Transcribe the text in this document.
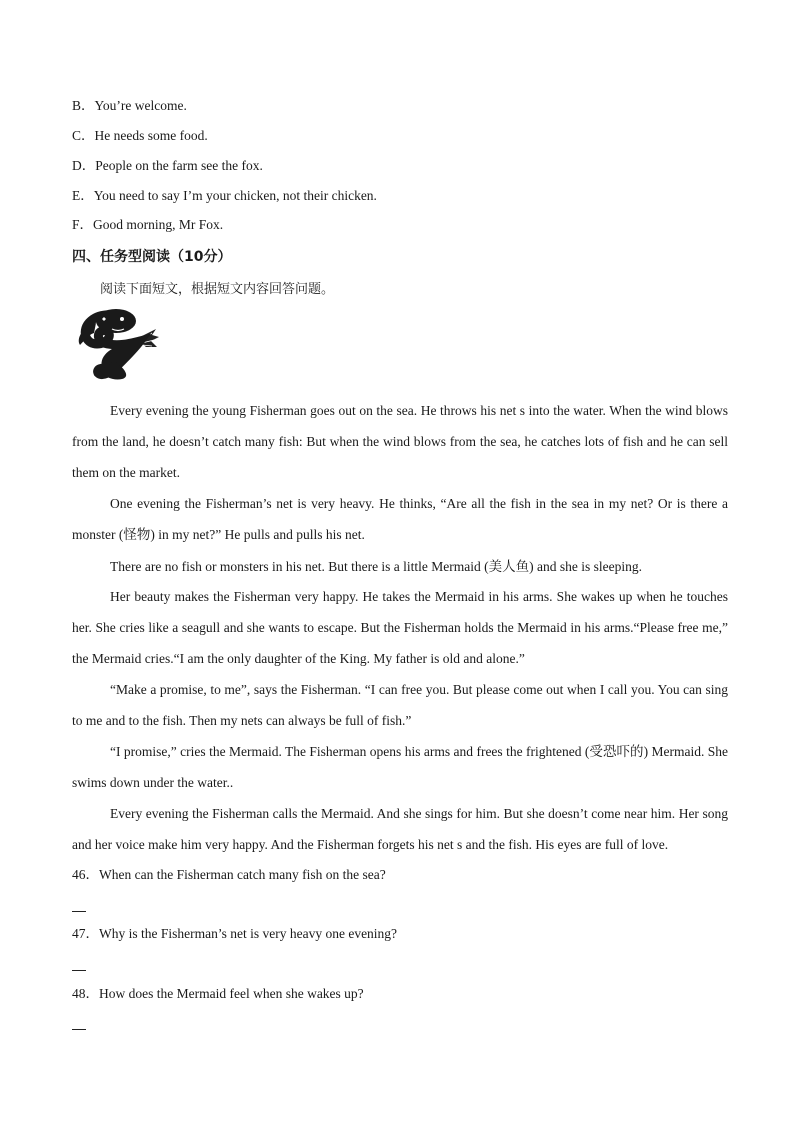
B．You’re welcome.
C．He needs some food.
D．People on the farm see the fox.
E．You need to say I’m your chicken, not their chicken.
F．Good morning, Mr Fox.
四、任务型阅读（10分）
阅读下面短文，根据短文内容回答问题。
Every evening the young Fisherman goes out on the sea. He throws his net s into the water. When the wind blows from the land, he doesn’t catch many fish: But when the wind blows from the sea, he catches lots of fish and he can sell them on the market.
One evening the Fisherman’s net is very heavy. He thinks, “Are all the fish in the sea in my net? Or is there a monster (怪物) in my net?” He pulls and pulls his net.
There are no fish or monsters in his net. But there is a little Mermaid (美人鱼) and she is sleeping.
Her beauty makes the Fisherman very happy. He takes the Mermaid in his arms. She wakes up when he touches her. She cries like a seagull and she wants to escape. But the Fisherman holds the Mermaid in his arms.“Please free me,” the Mermaid cries.“I am the only daughter of the King. My father is old and alone.”
“Make a promise, to me”, says the Fisherman. “I can free you. But please come out when I call you. You can sing to me and to the fish. Then my nets can always be full of fish.”
“I promise,” cries the Mermaid. The Fisherman opens his arms and frees the frightened (受恐吓的) Mermaid. She swims down under the water..
Every evening the Fisherman calls the Mermaid. And she sings for him. But she doesn’t come near him. Her song and her voice make him very happy. And the Fisherman forgets his net s and the fish. His eyes are full of love.
46．When can the Fisherman catch many fish on the sea?
47．Why is the Fisherman’s net is very heavy one evening?
48．How does the Mermaid feel when she wakes up?
